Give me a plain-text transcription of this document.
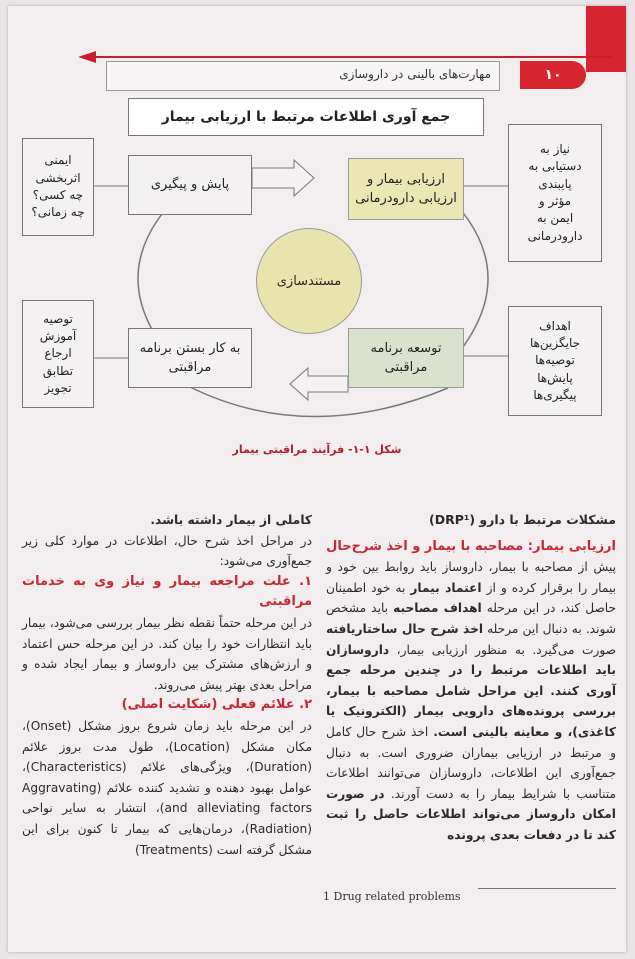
مهارت‌های بالینی در داروسازی	۱۰
جمع آوری اطلاعات مرتبط با ارزیابی بیمار
پایش و پیگیری	ارزیابی بیمار و ارزیابی دارودرمانی
مستندسازی
به کار بستن برنامه مراقبتی
توسعه برنامه مراقبتی
نیاز به
دستیابی به
پایبندی
مؤثر و
ایمن به
دارودرمانی
اهداف
جایگزین‌ها
توصیه‌ها
پایش‌ها
پیگیری‌ها
ایمنی
اثربخشی
چه کسی؟
چه زمانی؟
توصیه
آموزش
ارجاع
تطابق
تجویز
شکل ۱-۱- فرآیند مراقبتی بیمار

مشکلات مرتبط با دارو (DRP¹)

ارزیابی بیمار: مصاحبه با بیمار و اخذ شرح‌حال

پیش از مصاحبه با بیمار، داروساز باید روابط بین خود و بیمار را برقرار کرده و از اعتماد بیمار به خود اطمینان حاصل کند، در این مرحله اهداف مصاحبه باید مشخص شوند. به دنبال این مرحله اخذ شرح حال ساختاریافته صورت می‌گیرد. به منظور ارزیابی بیمار، داروسازان باید اطلاعات مرتبط را در چندین مرحله جمع آوری کنند. این مراحل شامل مصاحبه با بیمار، بررسی پرونده‌های دارویی بیمار (الکترونیک یا کاغذی)، و معاینه بالینی است. اخذ شرح حال کامل و مرتبط در ارزیابی بیماران ضروری است. به دنبال جمع‌آوری این اطلاعات، داروسازان می‌توانند اطلاعات متناسب با شرایط بیمار را به دست آورند. در صورت امکان داروساز می‌تواند اطلاعات حاصل را ثبت کند تا در دفعات بعدی پرونده

کاملی از بیمار داشته باشد.

در مراحل اخذ شرح حال، اطلاعات در موارد کلی زیر جمع‌آوری می‌شود:

۱. علت مراجعه بیمار و نیاز وی به خدمات مراقبتی

در این مرحله حتماً نقطه نظر بیمار بررسی می‌شود، بیمار باید انتظارات خود را بیان کند. در این مرحله حس اعتماد و ارزش‌های مشترک بین داروساز و بیمار ایجاد شده و مراحل بعدی بهتر پیش می‌روند.

۲. علائم فعلی (شکایت اصلی)

در این مرحله باید زمان شروع بروز مشکل (Onset)، مکان مشکل (Location)، طول مدت بروز علائم (Duration)، ویژگی‌های علائم (Characteristics)، عوامل بهبود دهنده و تشدید کننده علائم (Aggravating and alleviating factors)، انتشار به سایر نواحی (Radiation)، درمان‌هایی که بیمار تا کنون برای این مشکل گرفته است (Treatments)

1 Drug related problems
